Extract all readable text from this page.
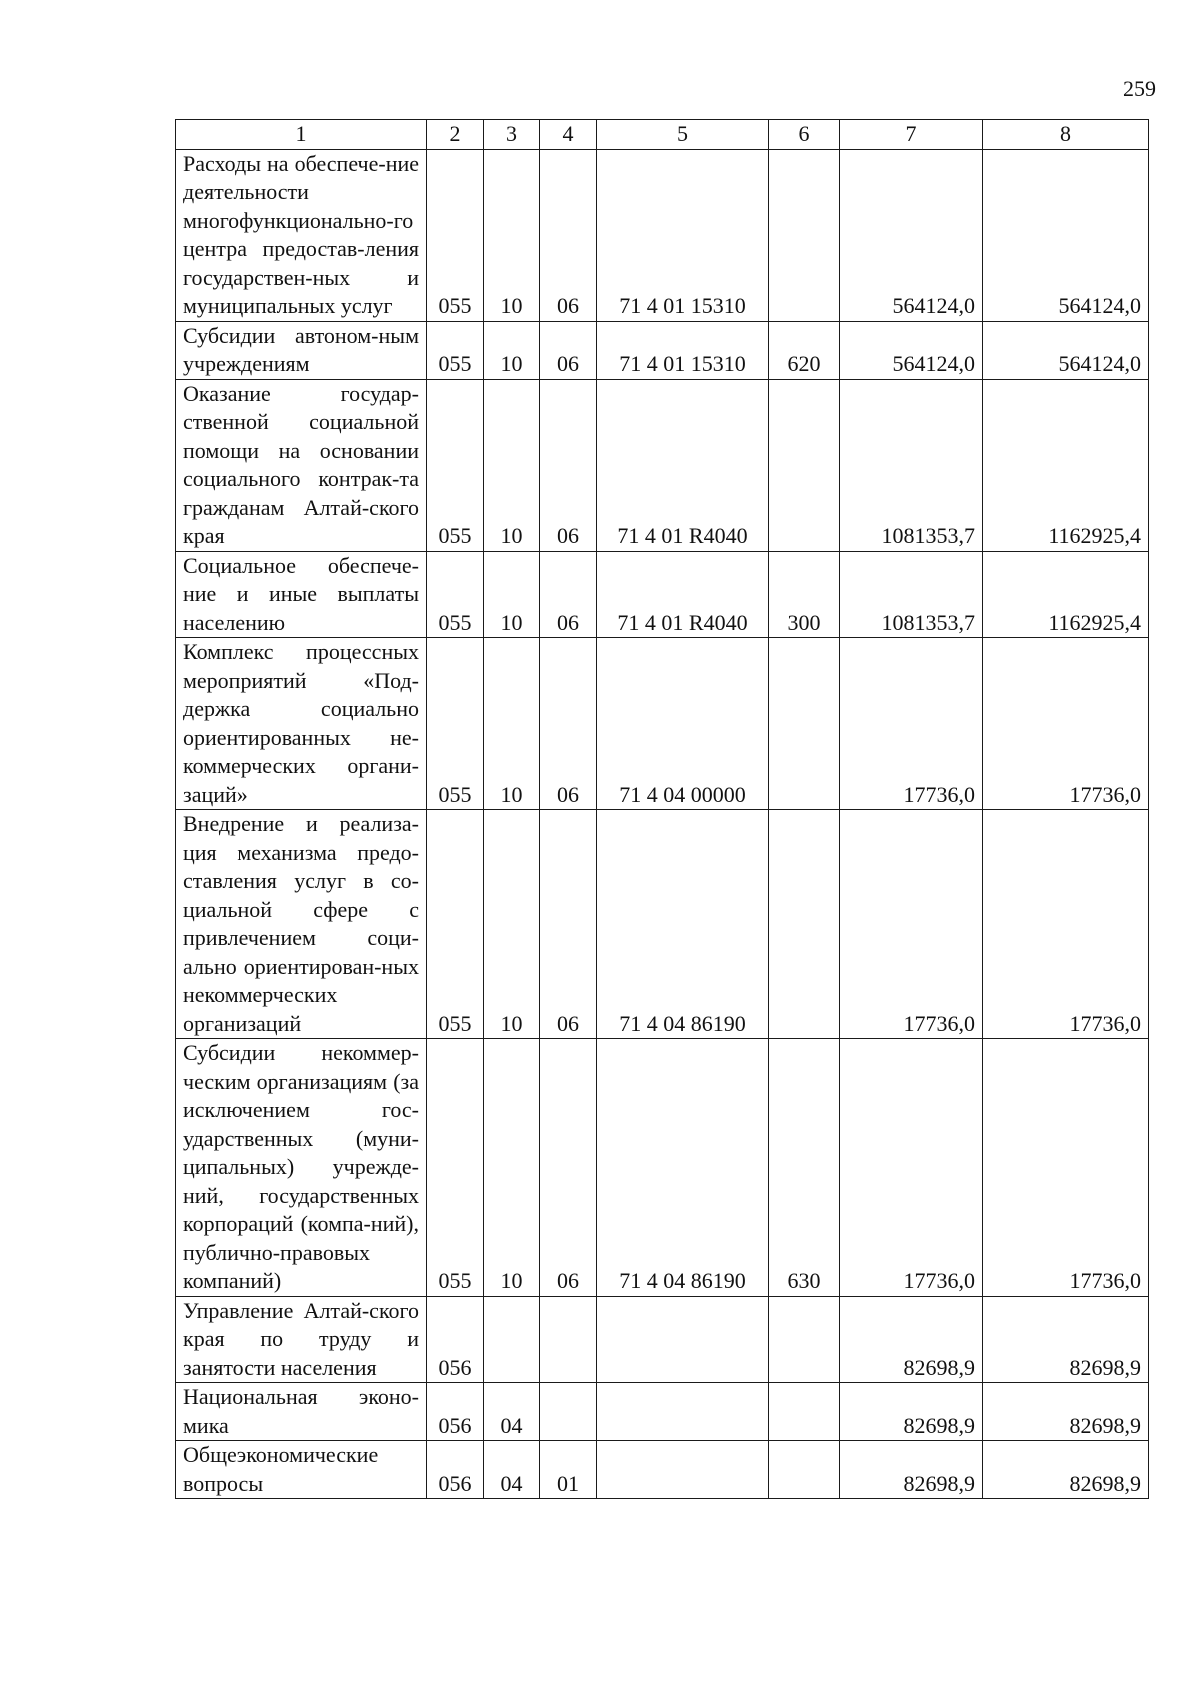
259
1	2	3	4	5	6	7	8
Расходы на обеспече-ние деятельности многофункционально-го центра предостав-ления государствен-ных и муниципальных услуг	055	10	06	71 4 01 15310		564124,0	564124,0
Субсидии автоном-ным учреждениям	055	10	06	71 4 01 15310	620	564124,0	564124,0
Оказание государ-ственной социальной помощи на основании социального контрак-та гражданам Алтай-ского края	055	10	06	71 4 01 R4040		1081353,7	1162925,4
Социальное обеспече-ние и иные выплаты населению	055	10	06	71 4 01 R4040	300	1081353,7	1162925,4
Комплекс процессных мероприятий «Под-держка социально ориентированных не-коммерческих органи-заций»	055	10	06	71 4 04 00000		17736,0	17736,0
Внедрение и реализа-ция механизма предо-ставления услуг в со-циальной сфере с привлечением соци-ально ориентирован-ных некоммерческих организаций	055	10	06	71 4 04 86190		17736,0	17736,0
Субсидии некоммер-ческим организациям (за исключением гос-ударственных (муни-ципальных) учрежде-ний, государственных корпораций (компа-ний), публично-правовых компаний)	055	10	06	71 4 04 86190	630	17736,0	17736,0
Управление Алтай-ского края по труду и занятости населения	056					82698,9	82698,9
Национальная эконо-мика	056	04				82698,9	82698,9
Общеэкономические вопросы	056	04	01			82698,9	82698,9
